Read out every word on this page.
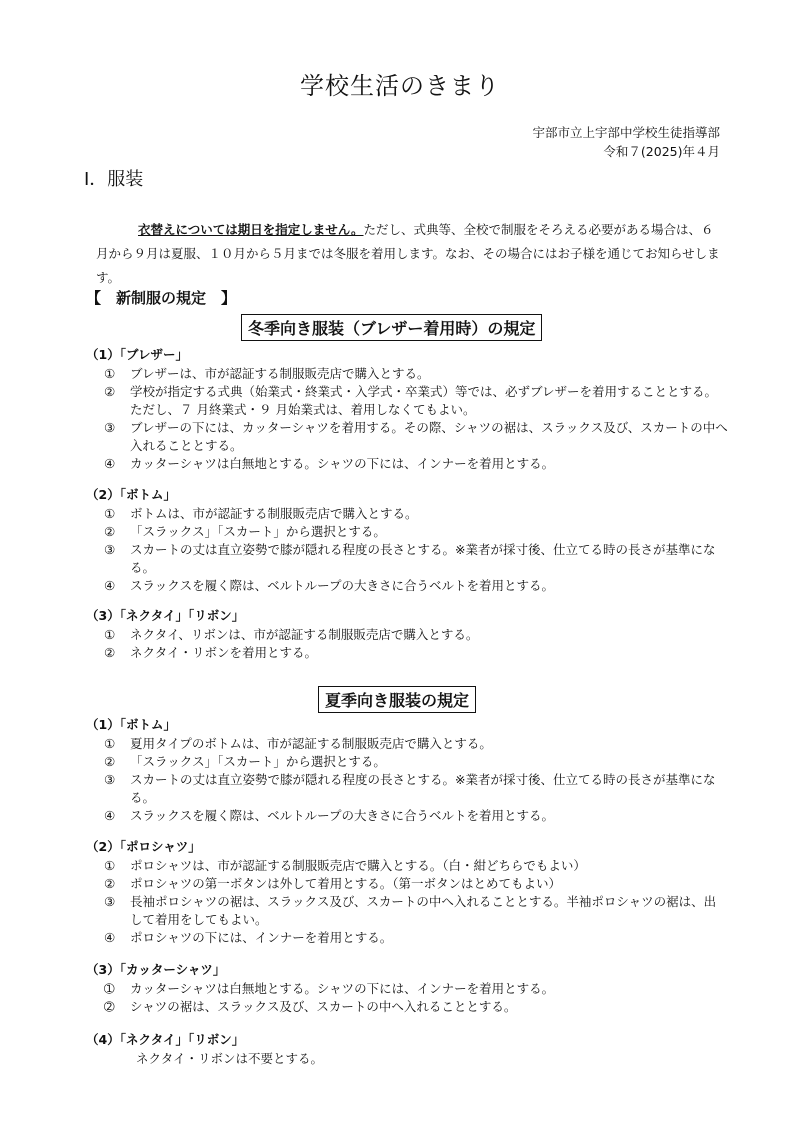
学校生活のきまり
宇部市立上宇部中学校生徒指導部
令和７(2025)年４月
Ⅰ．服装
衣替えについては期日を指定しません。ただし、式典等、全校で制服をそろえる必要がある場合は、６月から９月は夏服、１０月から５月までは冬服を着用します。なお、その場合にはお子様を通じてお知らせします。
【　新制服の規定　】
冬季向き服装（ブレザー着用時）の規定
（1）「ブレザー」
①	ブレザーは、市が認証する制服販売店で購入とする。
②	学校が指定する式典（始業式・終業式・入学式・卒業式）等では、必ずブレザーを着用することとする。ただし、７ 月終業式・９ 月始業式は、着用しなくてもよい。
③	ブレザーの下には、カッターシャツを着用する。その際、シャツの裾は、スラックス及び、スカートの中へ入れることとする。
④	カッターシャツは白無地とする。シャツの下には、インナーを着用とする。
（2）「ボトム」
①	ボトムは、市が認証する制服販売店で購入とする。
②	「スラックス」「スカート」から選択とする。
③	スカートの丈は直立姿勢で膝が隠れる程度の長さとする。※業者が採寸後、仕立てる時の長さが基準になる。
④	スラックスを履く際は、ベルトループの大きさに合うベルトを着用とする。
（3）「ネクタイ」「リボン」
①	ネクタイ、リボンは、市が認証する制服販売店で購入とする。
②	ネクタイ・リボンを着用とする。
夏季向き服装の規定
（1）「ボトム」
①	夏用タイプのボトムは、市が認証する制服販売店で購入とする。
②	「スラックス」「スカート」から選択とする。
③	スカートの丈は直立姿勢で膝が隠れる程度の長さとする。※業者が採寸後、仕立てる時の長さが基準になる。
④	スラックスを履く際は、ベルトループの大きさに合うベルトを着用とする。
（2）「ポロシャツ」
①	ポロシャツは、市が認証する制服販売店で購入とする。（白・紺どちらでもよい）
②	ポロシャツの第一ボタンは外して着用とする。（第一ボタンはとめてもよい）
③	長袖ポロシャツの裾は、スラックス及び、スカートの中へ入れることとする。半袖ポロシャツの裾は、出して着用をしてもよい。
④	ポロシャツの下には、インナーを着用とする。
（3）「カッターシャツ」
➀	カッターシャツは白無地とする。シャツの下には、インナーを着用とする。
➁	シャツの裾は、スラックス及び、スカートの中へ入れることとする。
（4）「ネクタイ」「リボン」
ネクタイ・リボンは不要とする。
